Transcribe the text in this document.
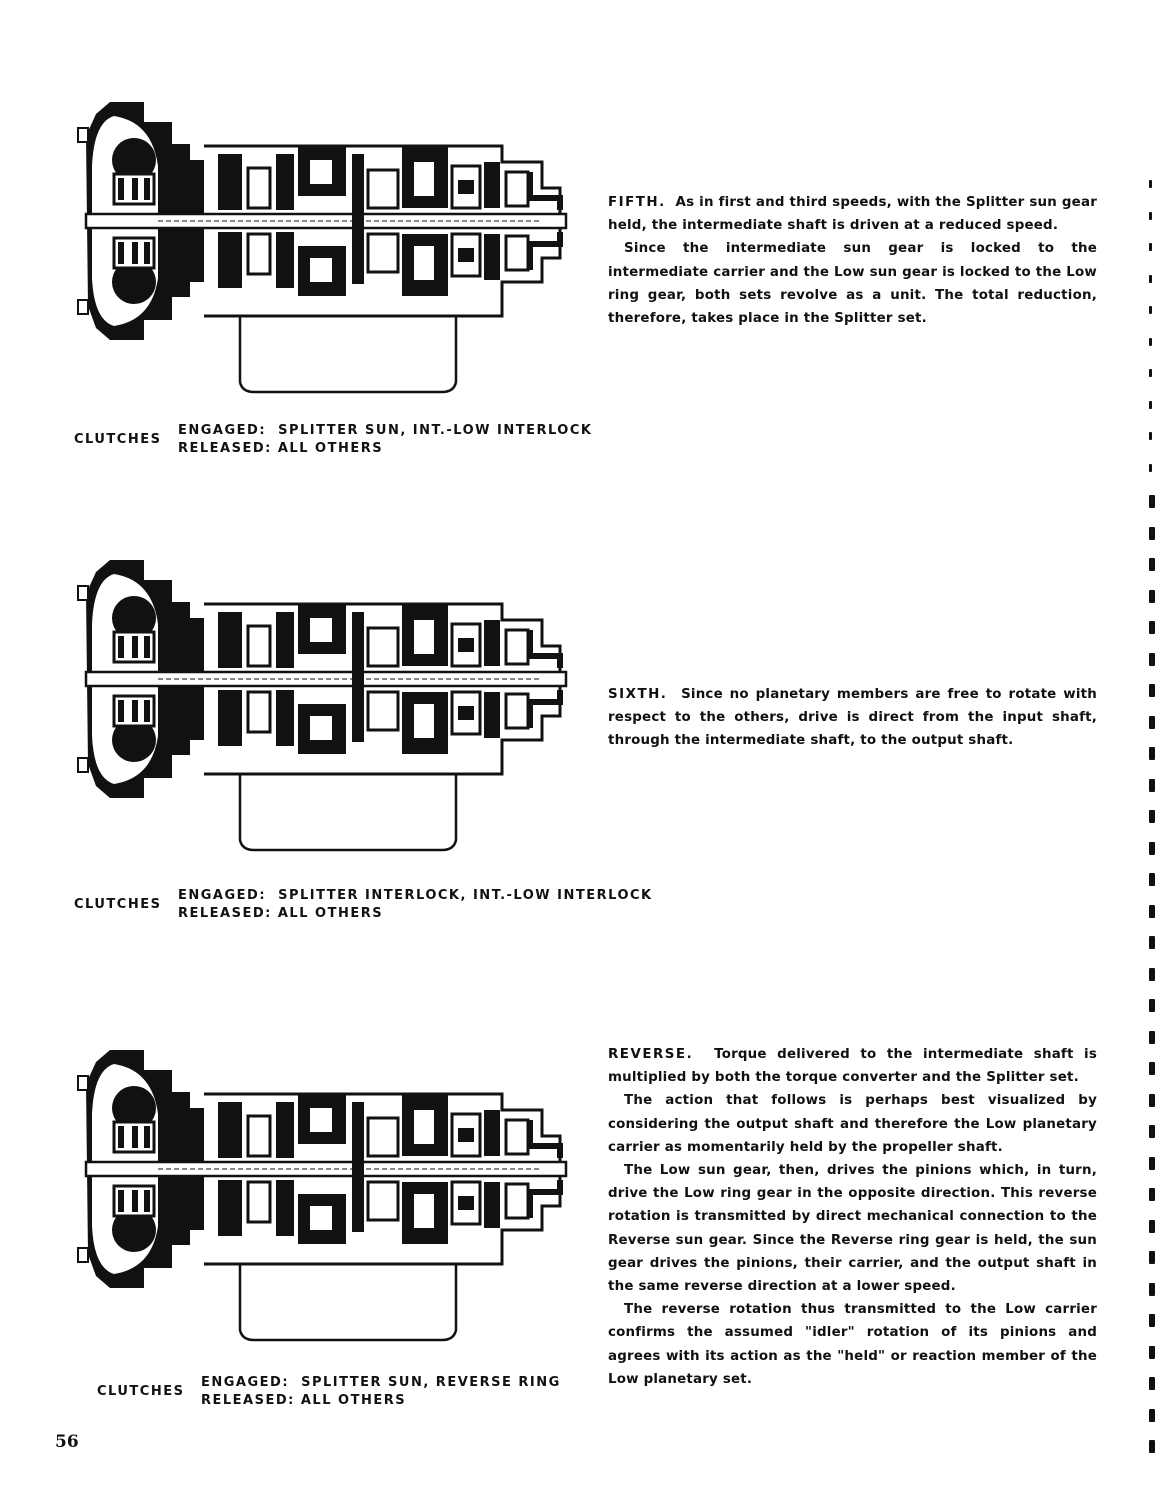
CLUTCHES
ENGAGED:  SPLITTER SUN, INT.-LOW INTERLOCK
RELEASED: ALL OTHERS

FIFTH. As in first and third speeds, with the Splitter sun gear held, the intermediate shaft is driven at a reduced speed.

Since the intermediate sun gear is locked to the intermediate carrier and the Low sun gear is locked to the Low ring gear, both sets revolve as a unit. The total reduction, therefore, takes place in the Splitter set.

CLUTCHES
ENGAGED:  SPLITTER INTERLOCK, INT.-LOW INTERLOCK
RELEASED: ALL OTHERS

SIXTH. Since no planetary members are free to rotate with respect to the others, drive is direct from the input shaft, through the intermediate shaft, to the output shaft.

CLUTCHES
ENGAGED:  SPLITTER SUN, REVERSE RING
RELEASED: ALL OTHERS

REVERSE. Torque delivered to the intermediate shaft is multiplied by both the torque converter and the Splitter set.

The action that follows is perhaps best visualized by considering the output shaft and therefore the Low planetary carrier as momentarily held by the propeller shaft.

The Low sun gear, then, drives the pinions which, in turn, drive the Low ring gear in the opposite direction. This reverse rotation is transmitted by direct mechanical connection to the Reverse sun gear. Since the Reverse ring gear is held, the sun gear drives the pinions, their carrier, and the output shaft in the same reverse direction at a lower speed.

The reverse rotation thus transmitted to the Low carrier confirms the assumed "idler" rotation of its pinions and agrees with its action as the "held" or reaction member of the Low planetary set.

56
